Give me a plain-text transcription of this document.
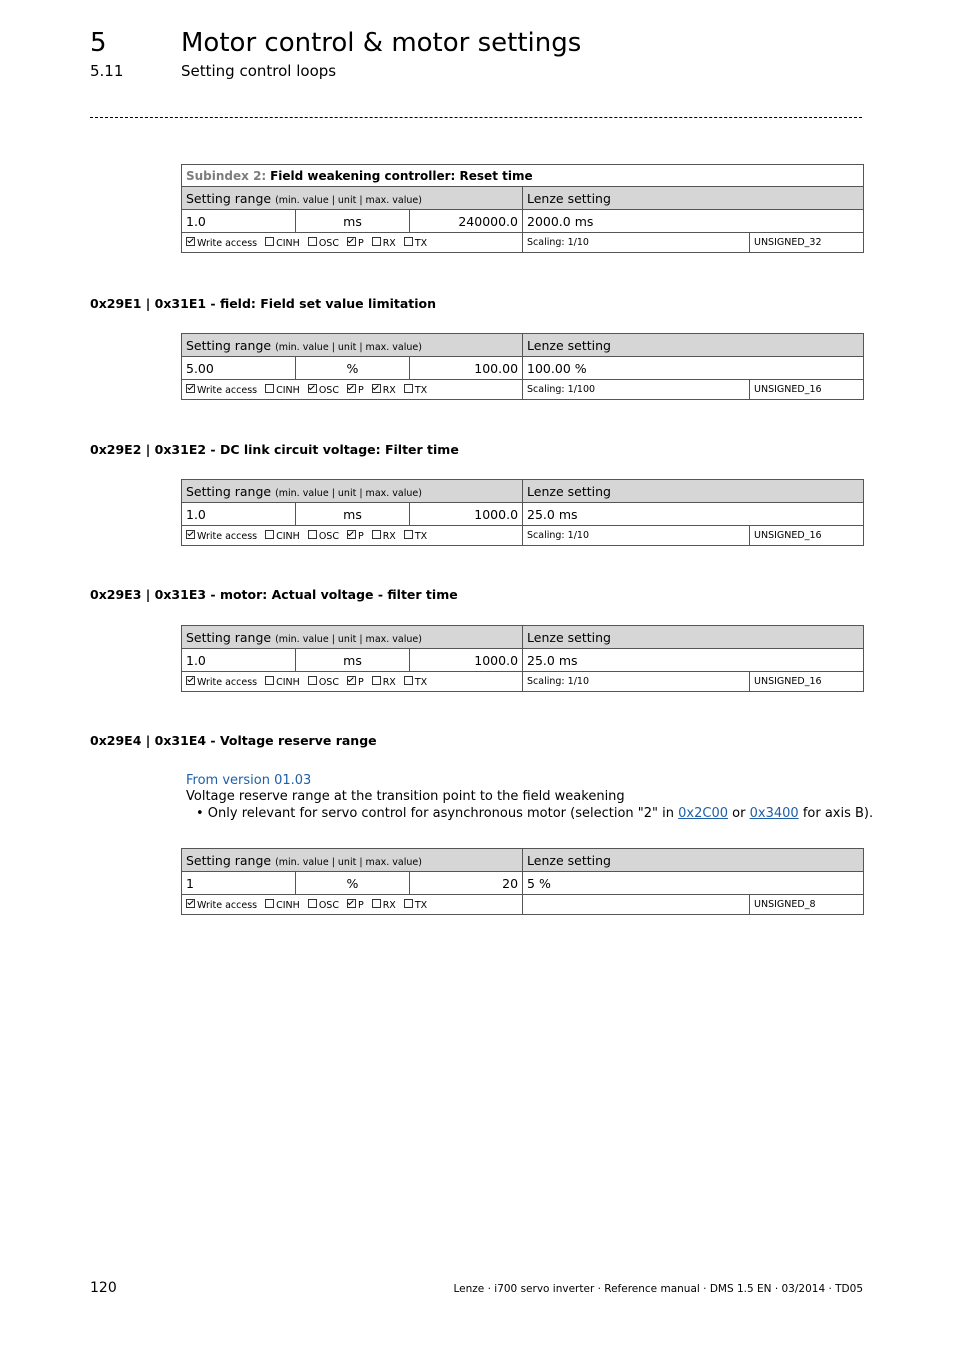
5	Motor control & motor settings
5.11	Setting control loops
Subindex 2: Field weakening controller: Reset time				
Setting range (min. value | unit | max. value)			Lenze setting	
1.0	ms	240000.0	2000.0 ms	
Write access CINH OSC P RX TX			Scaling: 1/10	UNSIGNED_32
0x29E1 | 0x31E1 - field: Field set value limitation
Setting range (min. value | unit | max. value)			Lenze setting	
5.00	%	100.00	100.00 %	
Write access CINH OSC P RX TX			Scaling: 1/100	UNSIGNED_16
0x29E2 | 0x31E2 - DC link circuit voltage: Filter time
Setting range (min. value | unit | max. value)			Lenze setting	
1.0	ms	1000.0	25.0 ms	
Write access CINH OSC P RX TX			Scaling: 1/10	UNSIGNED_16
0x29E3 | 0x31E3 - motor: Actual voltage - filter time
Setting range (min. value | unit | max. value)			Lenze setting	
1.0	ms	1000.0	25.0 ms	
Write access CINH OSC P RX TX			Scaling: 1/10	UNSIGNED_16
0x29E4 | 0x31E4 - Voltage reserve range
From version 01.03
Voltage reserve range at the transition point to the field weakening
• Only relevant for servo control for asynchronous motor (selection "2" in 0x2C00 or 0x3400 for axis B).
Setting range (min. value | unit | max. value)			Lenze setting	
1	%	20	5 %	
Write access CINH OSC P RX TX				UNSIGNED_8
120	Lenze · i700 servo inverter · Reference manual · DMS 1.5 EN · 03/2014 · TD05
